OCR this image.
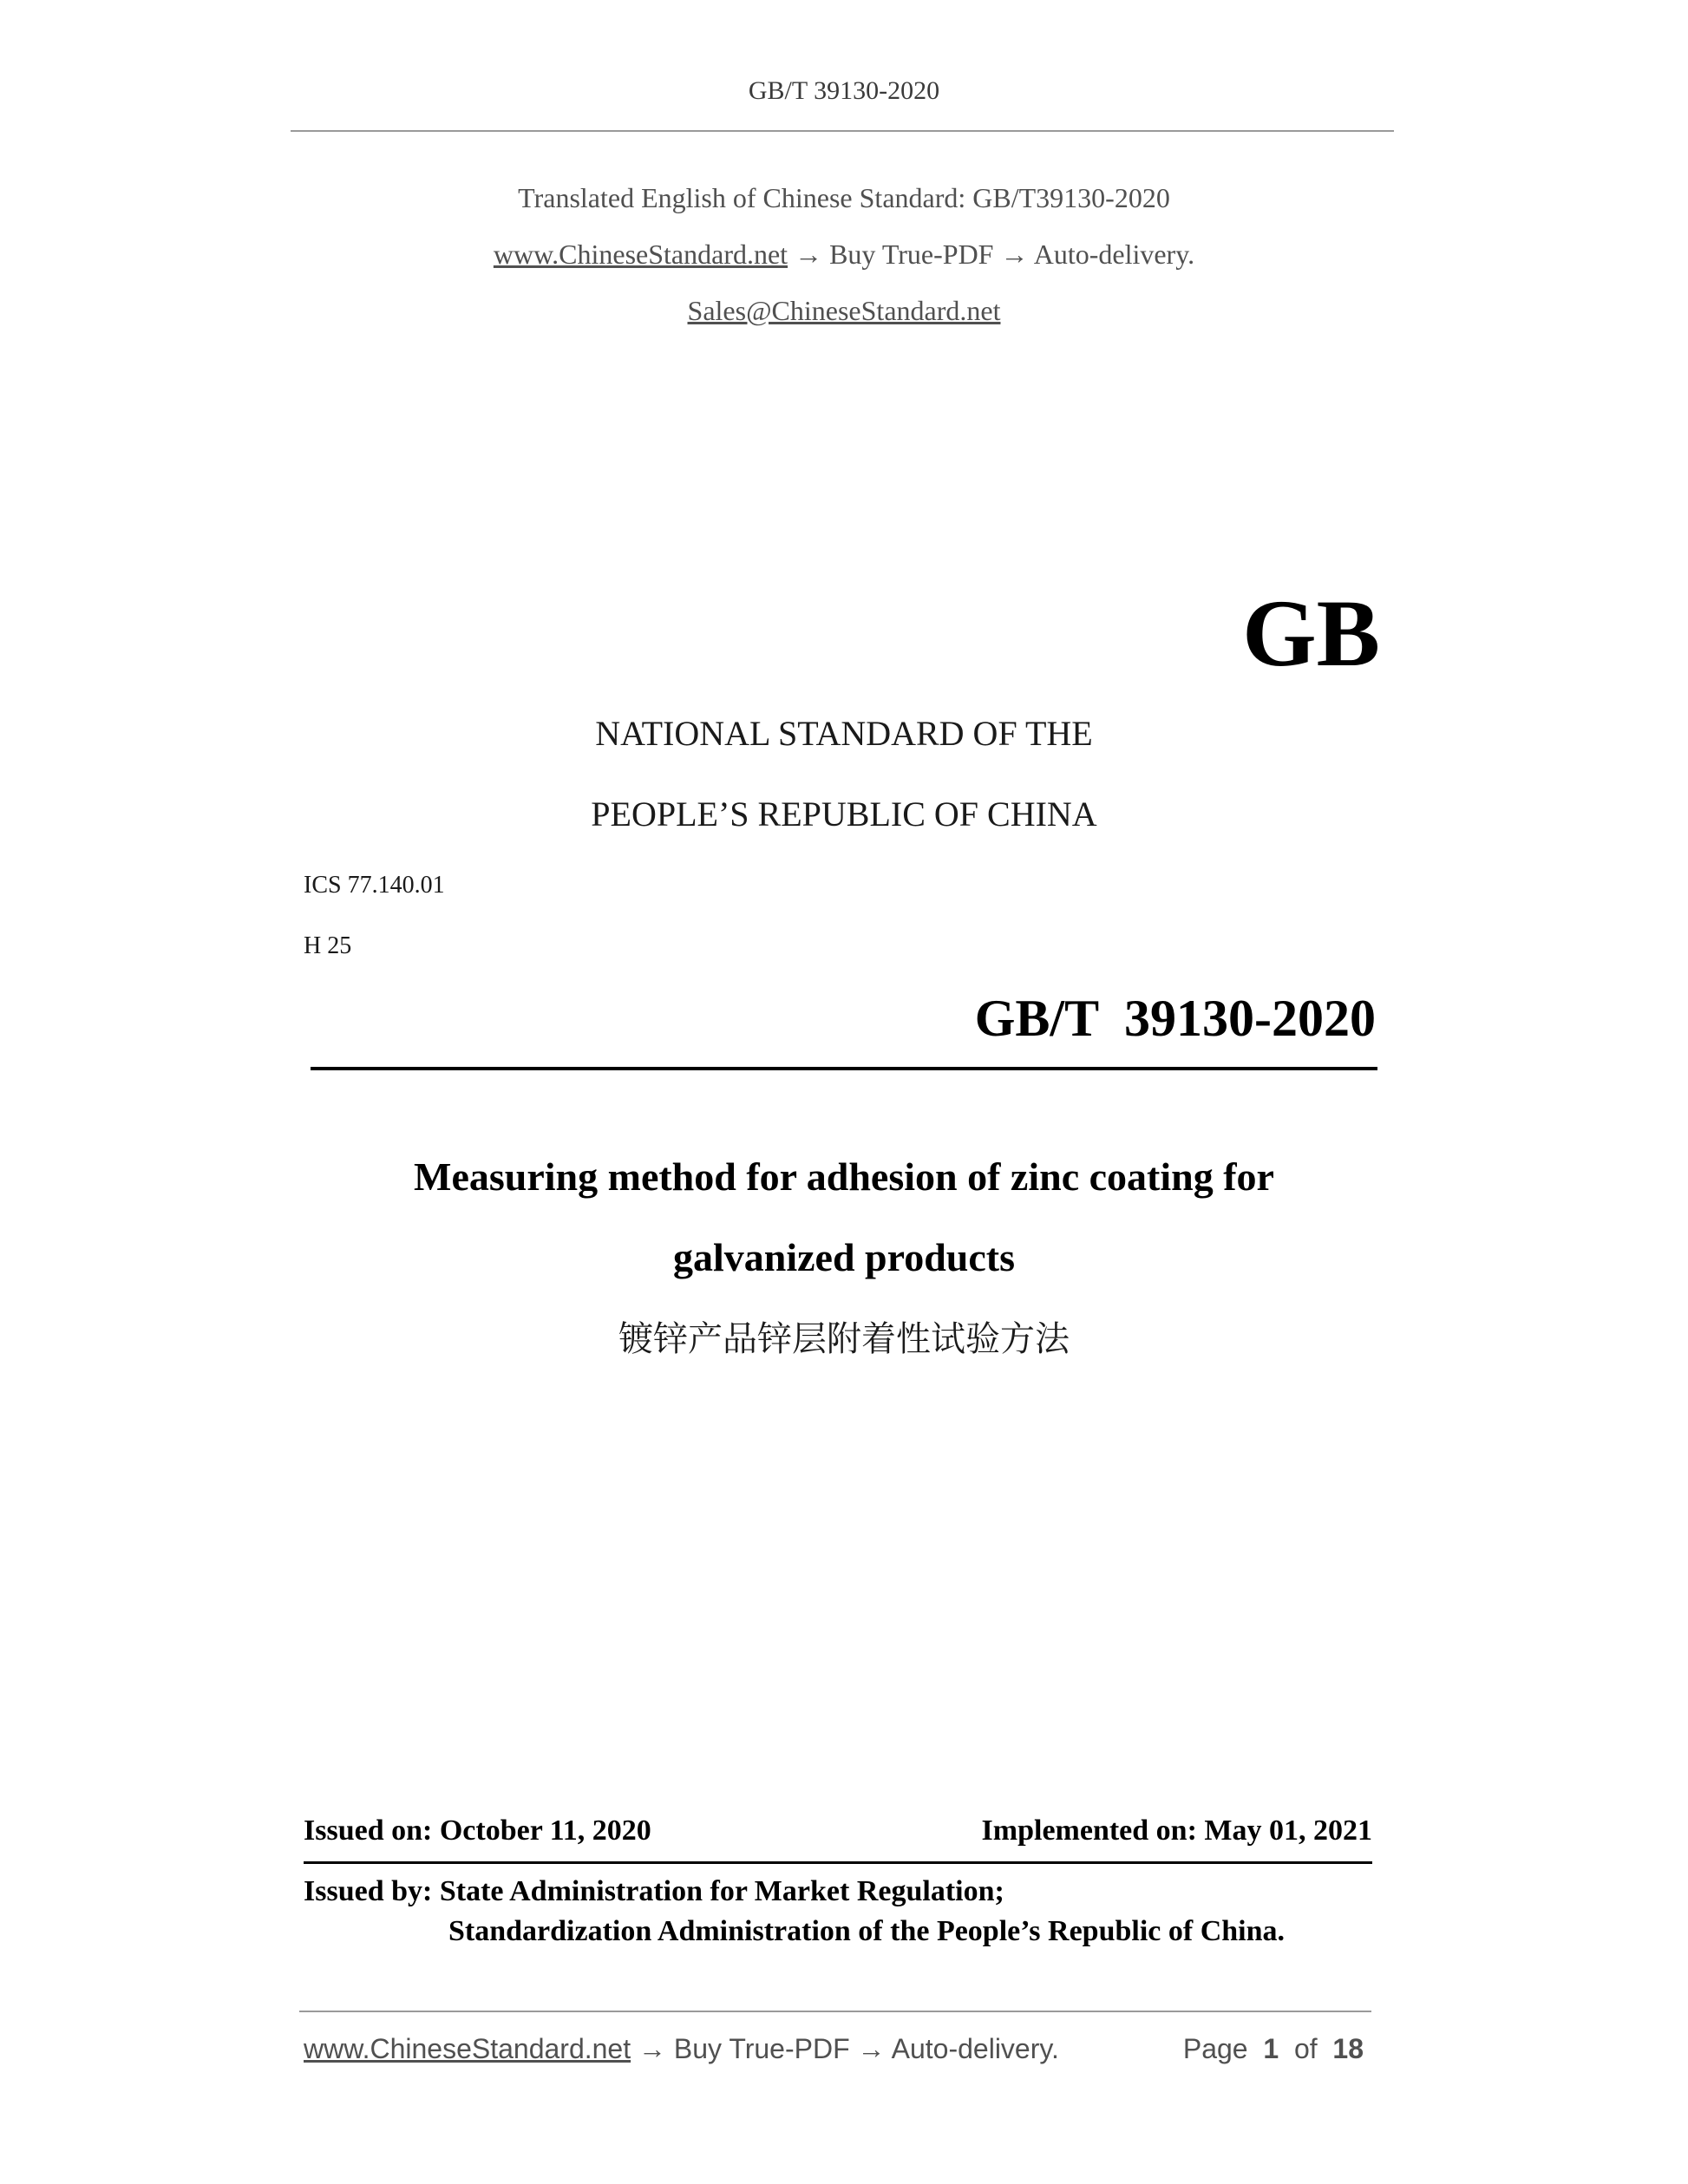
GB/T 39130-2020
Translated English of Chinese Standard: GB/T39130-2020
www.ChineseStandard.net → Buy True-PDF → Auto-delivery.
Sales@ChineseStandard.net
GB
NATIONAL STANDARD OF THE
PEOPLE’S REPUBLIC OF CHINA
ICS 77.140.01
H 25
GB/T  39130-2020
Measuring method for adhesion of zinc coating for
galvanized products
镀锌产品锌层附着性试验方法
Issued on: October 11, 2020	Implemented on: May 01, 2021
Issued by: State Administration for Market Regulation;
Standardization Administration of the People’s Republic of China.
www.ChineseStandard.net → Buy True-PDF → Auto-delivery.	Page 1 of 18
